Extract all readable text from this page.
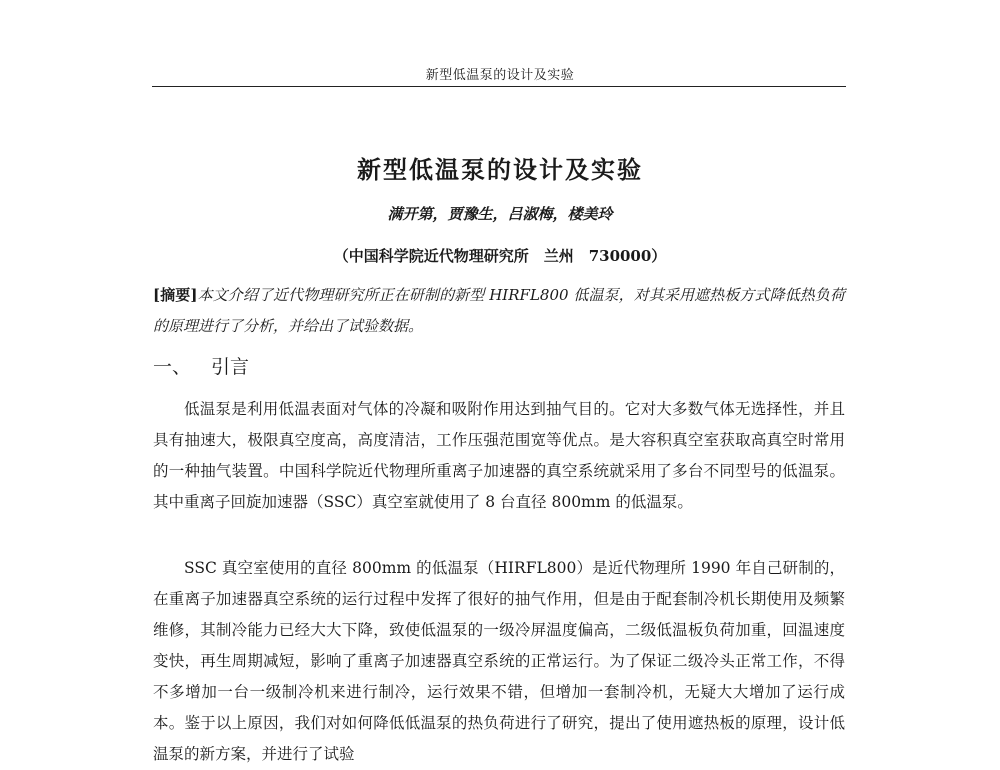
新型低温泵的设计及实验
新型低温泵的设计及实验
满开第，贾豫生，吕淑梅，楼美玲
（中国科学院近代物理研究所　兰州　730000）
[摘要]本文介绍了近代物理研究所正在研制的新型 HIRFL800 低温泵，对其采用遮热板方式降低热负荷的原理进行了分析，并给出了试验数据。
一、 引言
低温泵是利用低温表面对气体的冷凝和吸附作用达到抽气目的。它对大多数气体无选择性，并且具有抽速大，极限真空度高，高度清洁，工作压强范围宽等优点。是大容积真空室获取高真空时常用的一种抽气装置。中国科学院近代物理所重离子加速器的真空系统就采用了多台不同型号的低温泵。其中重离子回旋加速器（SSC）真空室就使用了 8 台直径 800mm 的低温泵。
SSC 真空室使用的直径 800mm 的低温泵（HIRFL800）是近代物理所 1990 年自己研制的，在重离子加速器真空系统的运行过程中发挥了很好的抽气作用，但是由于配套制冷机长期使用及频繁维修，其制冷能力已经大大下降，致使低温泵的一级冷屏温度偏高，二级低温板负荷加重，回温速度变快，再生周期减短，影响了重离子加速器真空系统的正常运行。为了保证二级冷头正常工作，不得不多增加一台一级制冷机来进行制冷，运行效果不错，但增加一套制冷机，无疑大大增加了运行成本。鉴于以上原因，我们对如何降低低温泵的热负荷进行了研究，提出了使用遮热板的原理，设计低温泵的新方案，并进行了试验
